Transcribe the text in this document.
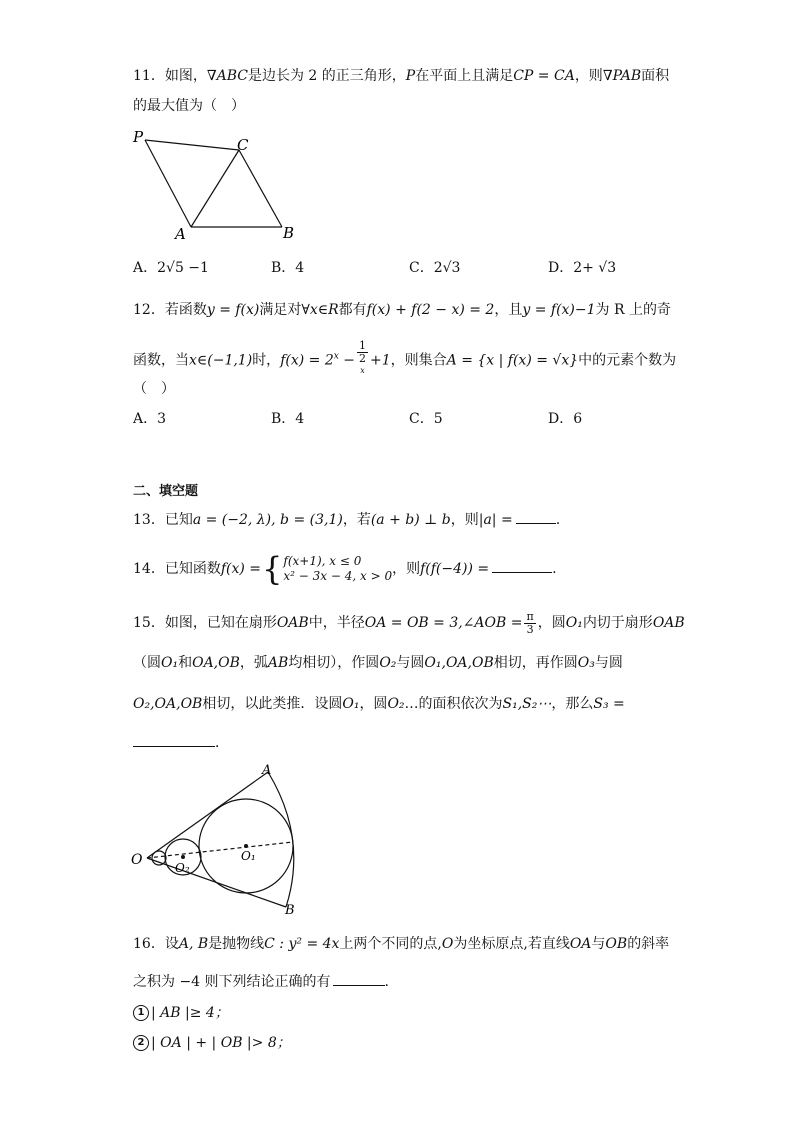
11．如图，∇ABC是边长为 2 的正三角形，P在平面上且满足CP = CA，则∇PAB面积
的最大值为（　）
P	C
A	B
A．2√5 −1	B．4	C．2√3	D．2+ √3
12．若函数y = f(x)满足对∀x∈R都有f(x) + f(2 − x) = 2，且y = f(x)−1为 R 上的奇
函数，当x∈(−1,1)时，$f(x) = 2^x - 1$
2
$^x$ +1，则集合A = {x | f(x) = √x}中的元素个数为
（　）
A．3	B．4	C．5	D．6
二、填空题
13．已知a = (−2, λ), b = (3,1)，若(a + b) ⊥ b，则|a| =	.
14．已知函数f(x) ={ f(x+1), x ≤ 0
x² − 3x − 4, x > 0 ，则f(f(−4)) =	.
15．如图，已知在扇形OAB中，半径OA = OB = 3,∠AOB = $\frac{\pi}{3}$ ，圆O₁内切于扇形OAB
（圆O₁和OA,OB，弧AB均相切），作圆O₂与圆O₁,OA,OB相切，再作圆O₃与圆
O₂,OA,OB相切，以此类推．设圆O₁，圆O₂…的面积依次为S₁,S₂⋯，那么S₃ =
．
A
B
O	O₁
O₂
16．设A, B是抛物线C : y² = 4x上两个不同的点,O为坐标原点,若直线OA与OB的斜率
之积为 −4 则下列结论正确的有	.
1 | AB |≥ 4；
2 | OA | + | OB |> 8；
